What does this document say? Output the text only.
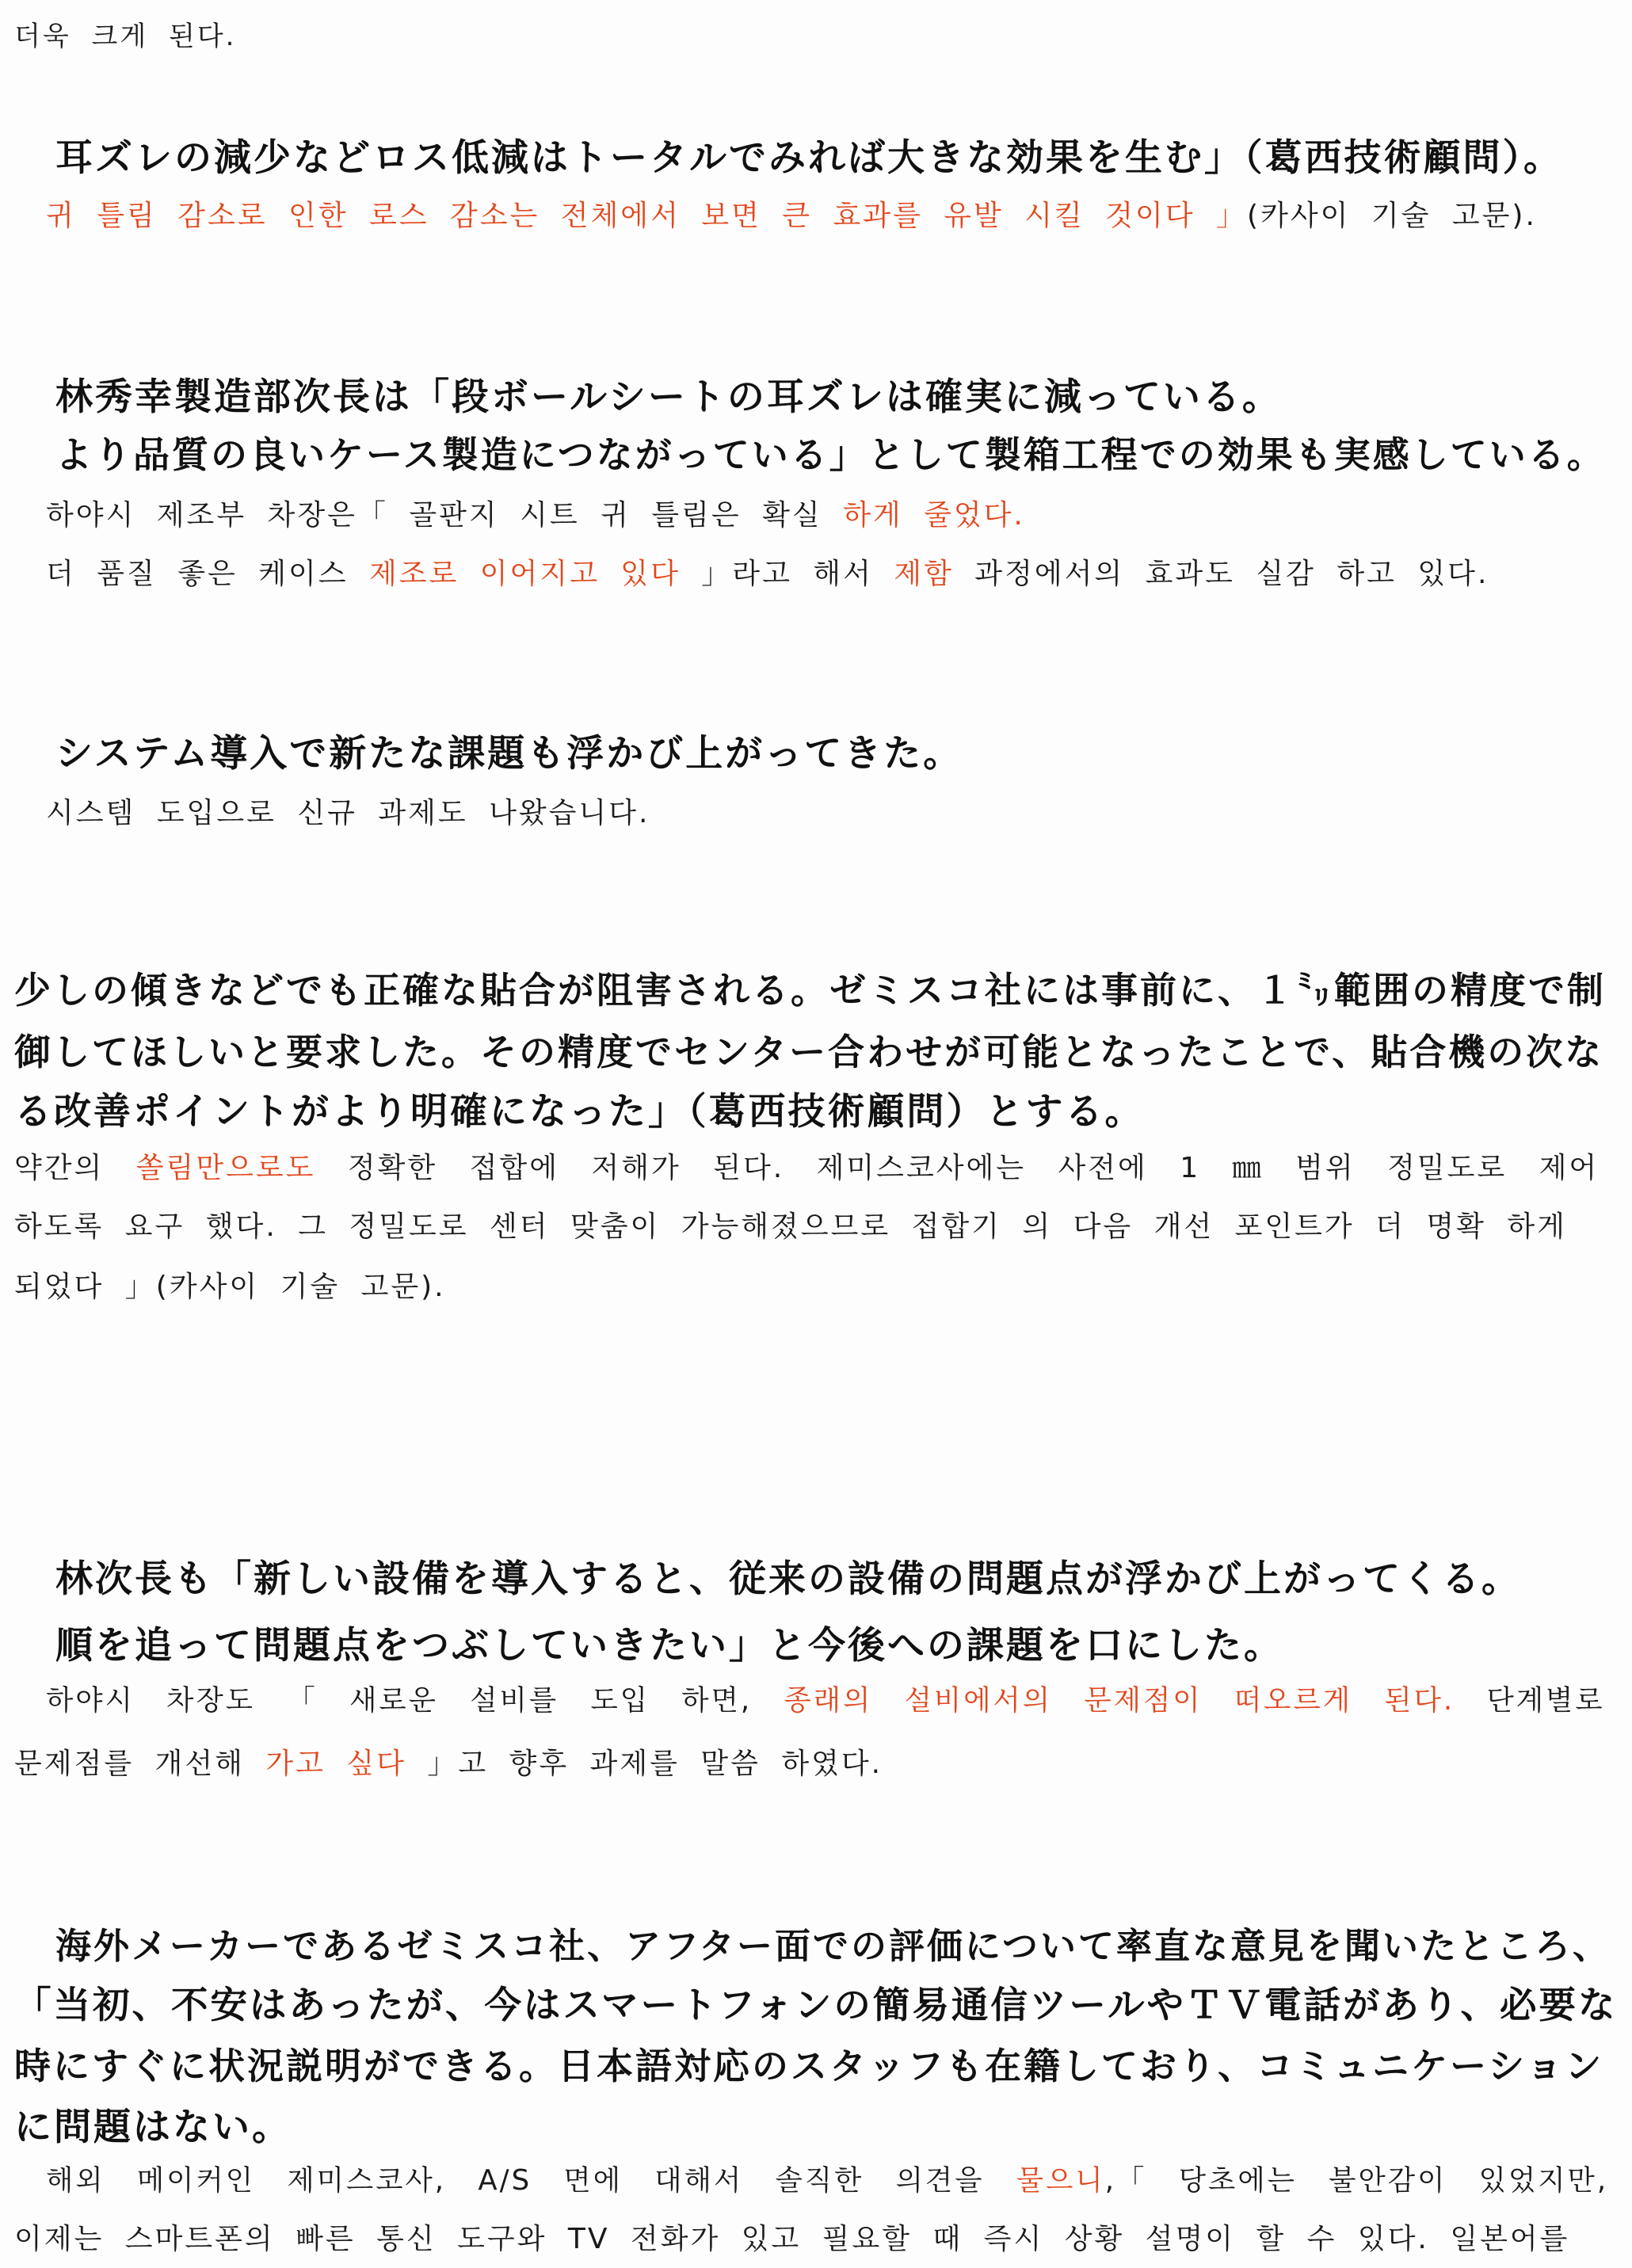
더욱 크게 된다.
耳ズレの減少などロス低減はトータルでみれば大きな効果を生む」（葛西技術顧問）。
귀 틀림 감소로 인한 로스 감소는 전체에서 보면 큰 효과를 유발 시킬 것이다 」(카사이 기술 고문).
林秀幸製造部次長は「段ボールシートの耳ズレは確実に減っている。
より品質の良いケース製造につながっている」として製箱工程での効果も実感している。
하야시 제조부 차장은「 골판지 시트 귀 틀림은 확실 하게 줄었다.
더 품질 좋은 케이스 제조로 이어지고 있다 」라고 해서 제함 과정에서의 효과도 실감 하고 있다.
システム導入で新たな課題も浮かび上がってきた。
시스템 도입으로 신규 과제도 나왔습니다.
少しの傾きなどでも正確な貼合が阻害される。ゼミスコ社には事前に、１㍉範囲の精度で制
御してほしいと要求した。その精度でセンター合わせが可能となったことで、貼合機の次な
る改善ポイントがより明確になった」（葛西技術顧問）とする。
약간의 쏠림만으로도 정확한 접합에 저해가 된다. 제미스코사에는 사전에 1 ㎜ 범위 정밀도로 제어
하도록 요구 했다. 그 정밀도로 센터 맞춤이 가능해졌으므로 접합기 의 다음 개선 포인트가 더 명확 하게
되었다 」(카사이 기술 고문).
林次長も「新しい設備を導入すると、従来の設備の問題点が浮かび上がってくる。
順を追って問題点をつぶしていきたい」と今後への課題を口にした。
하야시 차장도 「 새로운 설비를 도입 하면, 종래의 설비에서의 문제점이 떠오르게 된다. 단계별로
문제점를 개선해 가고 싶다 」고 향후 과제를 말씀 하였다.
海外メーカーであるゼミスコ社、アフター面での評価について率直な意見を聞いたところ、
「当初、不安はあったが、今はスマートフォンの簡易通信ツールやＴＶ電話があり、必要な
時にすぐに状況説明ができる。日本語対応のスタッフも在籍しており、コミュニケーション
に問題はない。
해외 메이커인 제미스코사, A/S 면에 대해서 솔직한 의견을 물으니,「 당초에는 불안감이 있었지만,
이제는 스마트폰의 빠른 통신 도구와 TV 전화가 있고 필요할 때 즉시 상황 설명이 할 수 있다. 일본어를
